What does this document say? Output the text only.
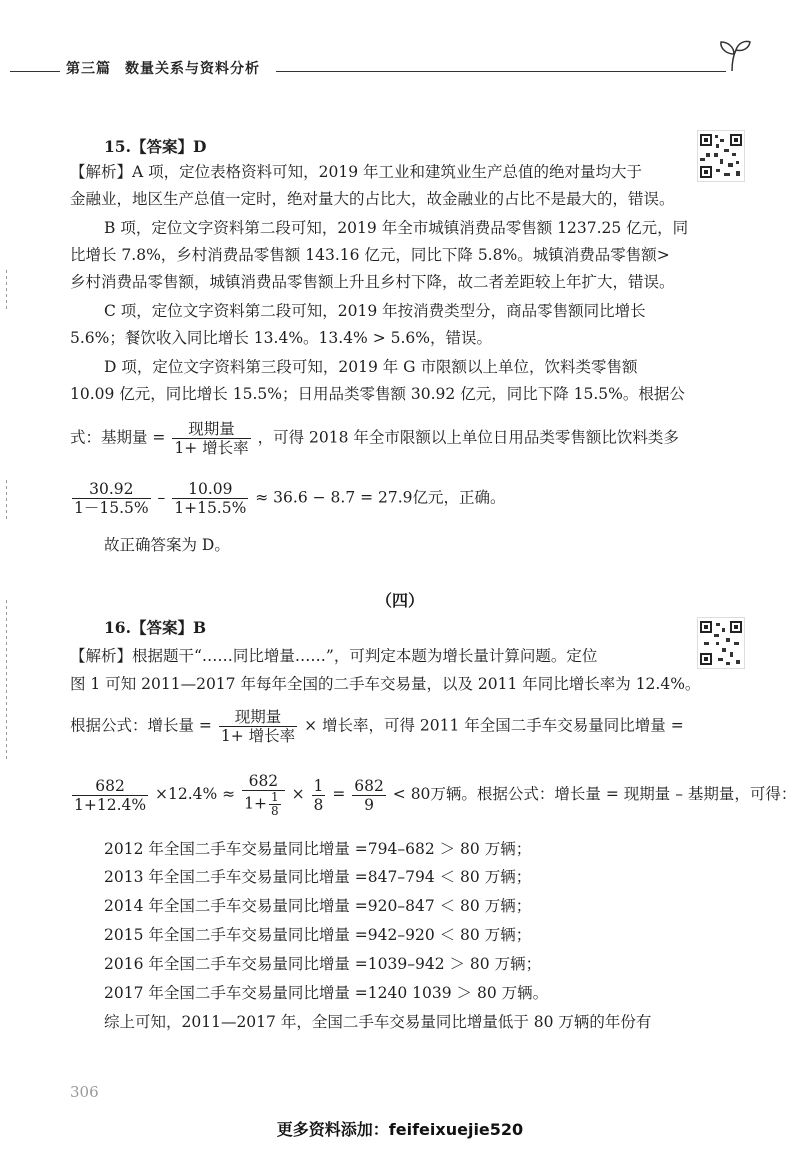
第三篇 数量关系与资料分析
15.【答案】D
【解析】A 项，定位表格资料可知，2019 年工业和建筑业生产总值的绝对量均大于
金融业，地区生产总值一定时，绝对量大的占比大，故金融业的占比不是最大的，错误。
B 项，定位文字资料第二段可知，2019 年全市城镇消费品零售额 1237.25 亿元，同
比增长 7.8%，乡村消费品零售额 143.16 亿元，同比下降 5.8%。城镇消费品零售额>
乡村消费品零售额，城镇消费品零售额上升且乡村下降，故二者差距较上年扩大，错误。
C 项，定位文字资料第二段可知，2019 年按消费类型分，商品零售额同比增长
5.6%；餐饮收入同比增长 13.4%。13.4% > 5.6%，错误。
D 项，定位文字资料第三段可知，2019 年 G 市限额以上单位，饮料类零售额
10.09 亿元，同比增长 15.5%；日用品类零售额 30.92 亿元，同比下降 15.5%。根据公
式：基期量 = $\frac{\text{现期量}}{\text{1+ 增长率}}$ ，可得 2018 年全市限额以上单位日用品类零售额比饮料类多
$\frac{30.92}{1-15.5\%} - \frac{10.09}{1+15.5\%} \approx 36.6 - 8.7 = 27.9$亿元，正确。
故正确答案为 D。
（四）
16.【答案】B
【解析】根据题干“……同比增量……”，可判定本题为增长量计算问题。定位
图 1 可知 2011—2017 年每年全国的二手车交易量，以及 2011 年同比增长率为 12.4%。
根据公式：增长量 = $\frac{\text{现期量}}{\text{1+ 增长率}}$ × 增长率，可得 2011 年全国二手车交易量同比增量 =
$\frac{682}{1+12.4\%} \times 12.4\% \approx \frac{682}{1+ \frac{1}{8}} \times \frac{1}{8} = \frac{682}{9} < 80$万辆。根据公式：增长量 = 现期量 – 基期量，可得：
2012 年全国二手车交易量同比增量 =794–682 ＞ 80 万辆；
2013 年全国二手车交易量同比增量 =847–794 ＜ 80 万辆；
2014 年全国二手车交易量同比增量 =920–847 ＜ 80 万辆；
2015 年全国二手车交易量同比增量 =942–920 ＜ 80 万辆；
2016 年全国二手车交易量同比增量 =1039–942 ＞ 80 万辆；
2017 年全国二手车交易量同比增量 =1240 1039 ＞ 80 万辆。
综上可知，2011—2017 年，全国二手车交易量同比增量低于 80 万辆的年份有
306
更多资料添加：feifeixuejie520
